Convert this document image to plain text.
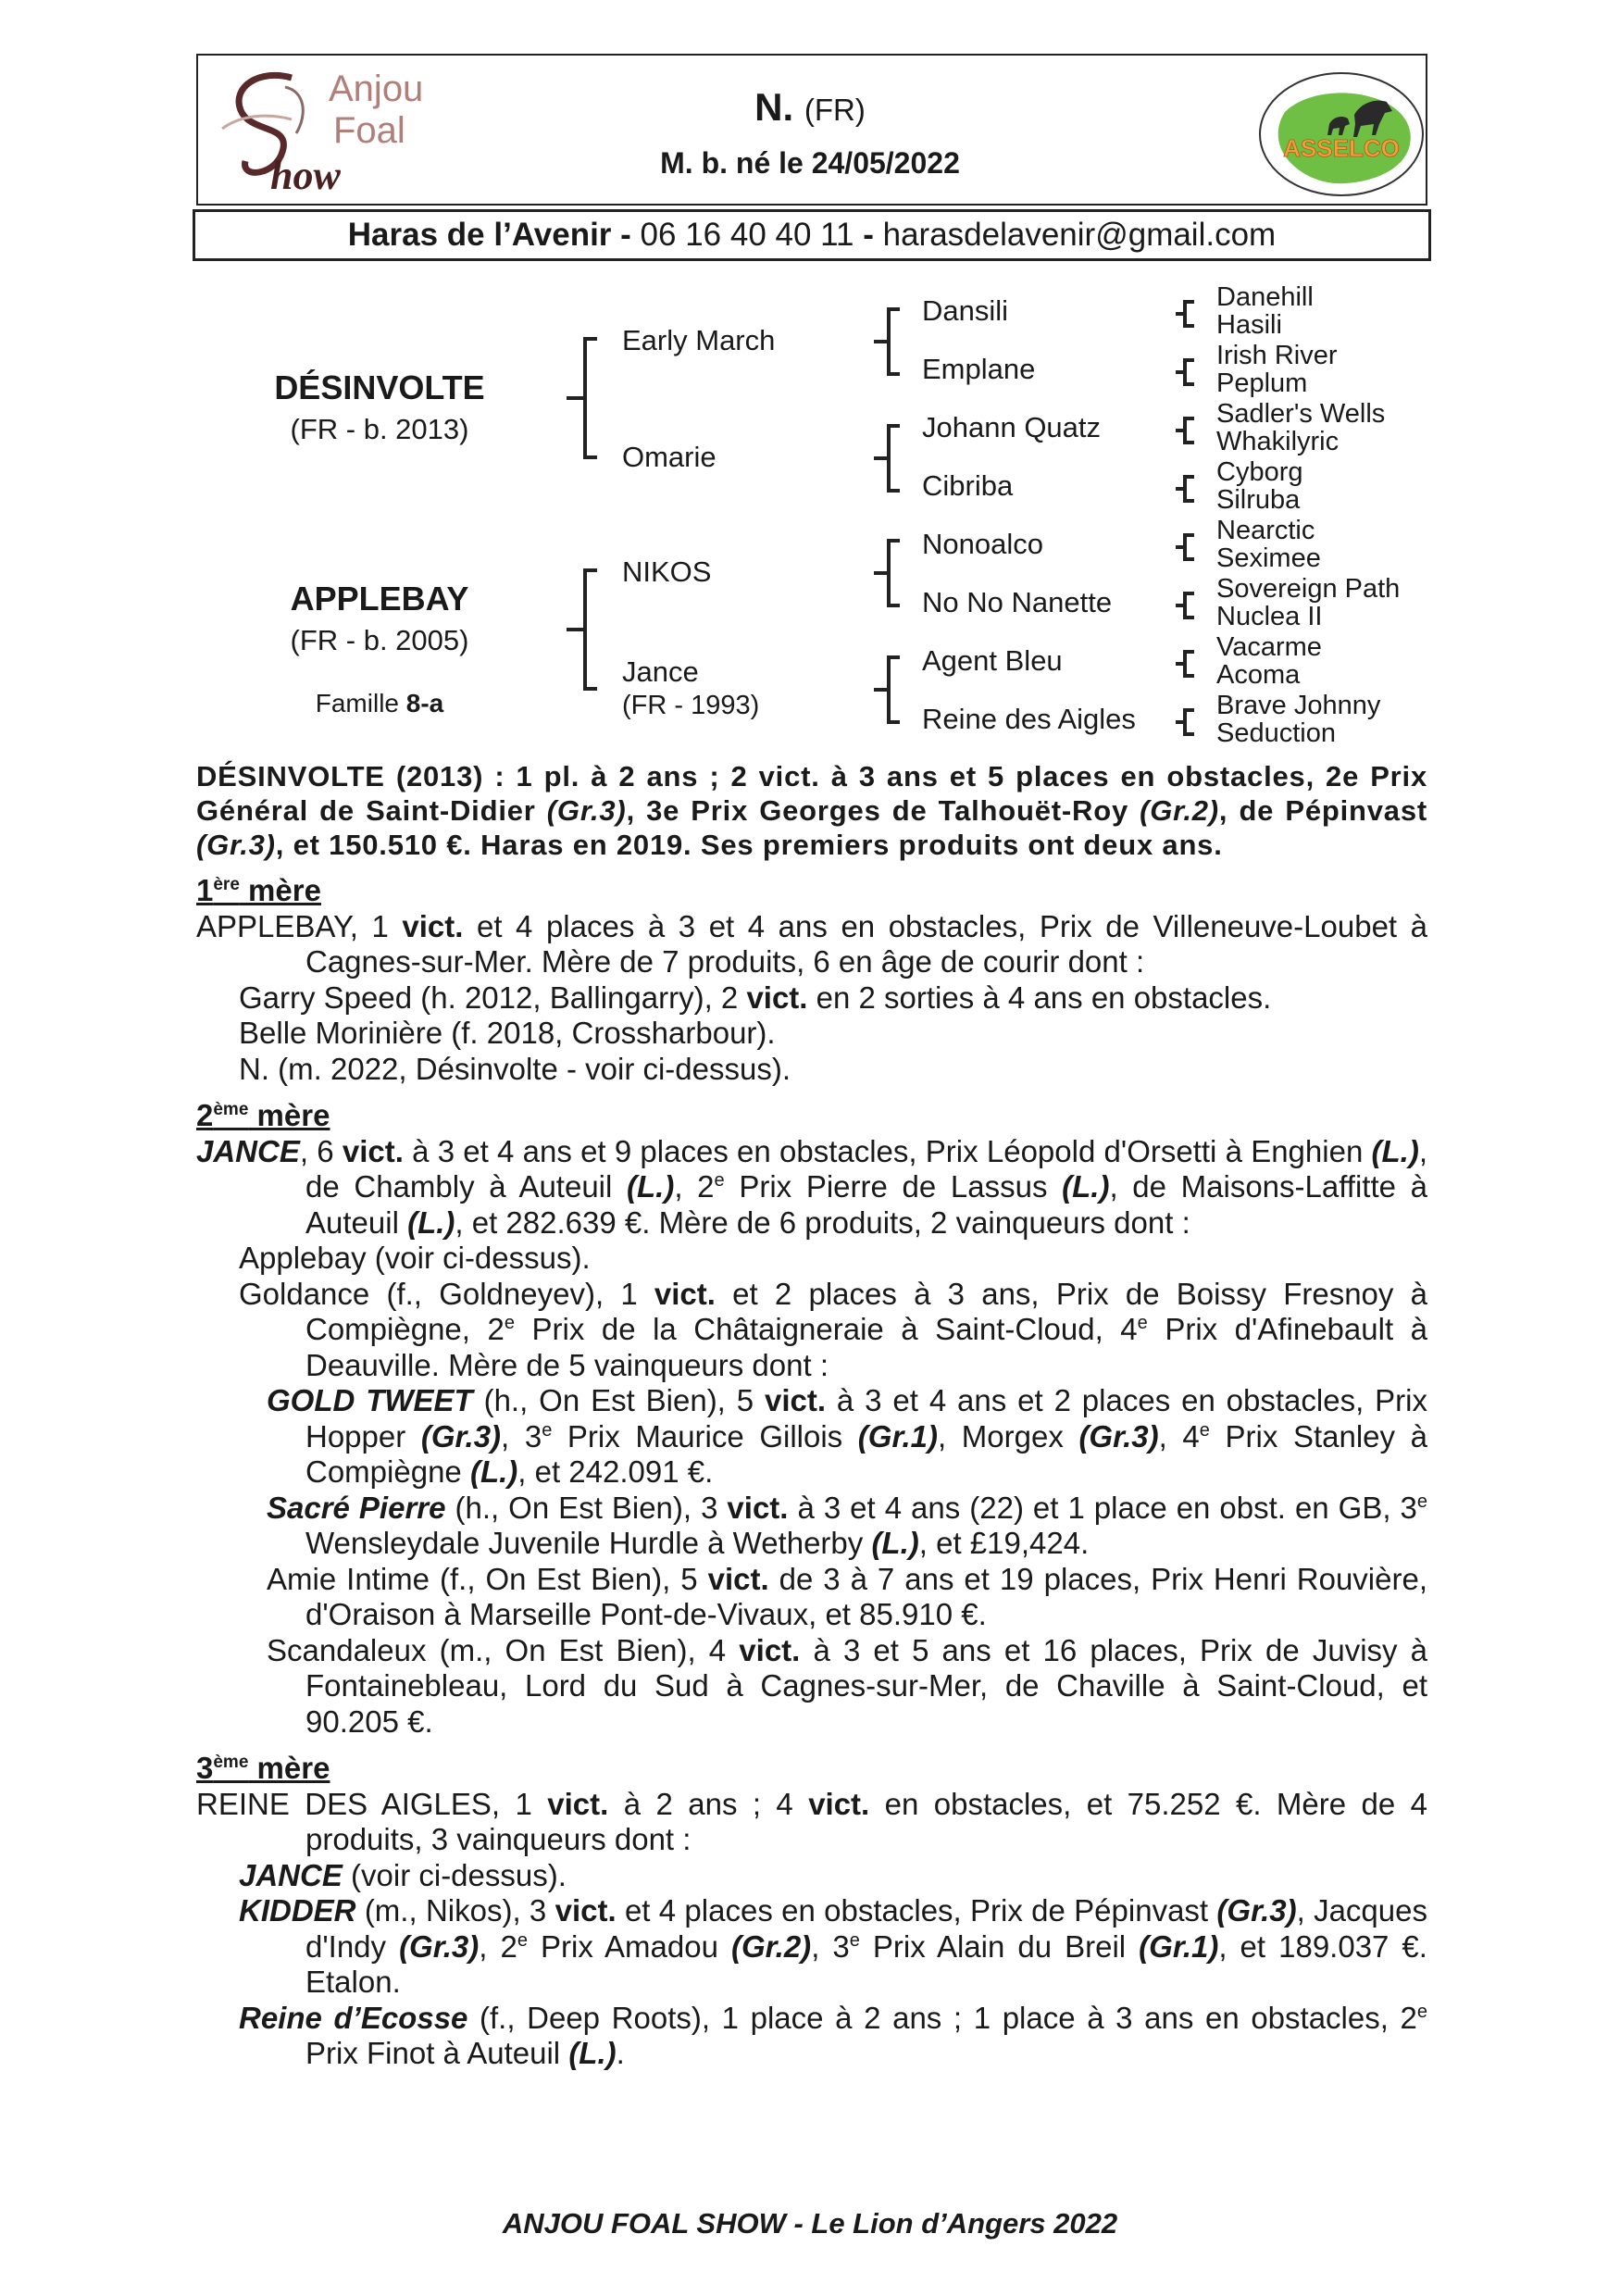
Anjou
Foal
how
N. (FR)
M. b. né le 24/05/2022	ASSELCO
Haras de l’Avenir - 06 16 40 40 11 - harasdelavenir@gmail.com
DÉSINVOLTE
(FR - b. 2013)
APPLEBAY
(FR - b. 2005)
Famille 8-a
Early March
Omarie
NIKOS
Jance
(FR - 1993)
Dansili
Emplane
Johann Quatz
Cibriba
Nonoalco
No No Nanette
Agent Bleu
Reine des Aigles
Danehill
Hasili
Irish River
Peplum
Sadler's Wells
Whakilyric
Cyborg
Silruba
Nearctic
Seximee
Sovereign Path
Nuclea II
Vacarme
Acoma
Brave Johnny
Seduction

DÉSINVOLTE (2013) : 1 pl. à 2 ans ; 2 vict. à 3 ans et 5 places en obstacles, 2e Prix Général de Saint-Didier (Gr.3), 3e Prix Georges de Talhouët-Roy (Gr.2), de Pépinvast (Gr.3), et 150.510 €. Haras en 2019. Ses premiers produits ont deux ans.

1ère mère

APPLEBAY, 1 vict. et 4 places à 3 et 4 ans en obstacles, Prix de Villeneuve-Loubet à Cagnes-sur-Mer. Mère de 7 produits, 6 en âge de courir dont :

Garry Speed (h. 2012, Ballingarry), 2 vict. en 2 sorties à 4 ans en obstacles.

Belle Morinière (f. 2018, Crossharbour).

N. (m. 2022, Désinvolte - voir ci-dessus).

2ème mère

JANCE, 6 vict. à 3 et 4 ans et 9 places en obstacles, Prix Léopold d'Orsetti à Enghien (L.), de Chambly à Auteuil (L.), 2e Prix Pierre de Lassus (L.), de Maisons-Laffitte à Auteuil (L.), et 282.639 €. Mère de 6 produits, 2 vainqueurs dont :

Applebay (voir ci-dessus).

Goldance (f., Goldneyev), 1 vict. et 2 places à 3 ans, Prix de Boissy Fresnoy à Compiègne, 2e Prix de la Châtaigneraie à Saint-Cloud, 4e Prix d'Afinebault à Deauville. Mère de 5 vainqueurs dont :

GOLD TWEET (h., On Est Bien), 5 vict. à 3 et 4 ans et 2 places en obstacles, Prix Hopper (Gr.3), 3e Prix Maurice Gillois (Gr.1), Morgex (Gr.3), 4e Prix Stanley à Compiègne (L.), et 242.091 €.

Sacré Pierre (h., On Est Bien), 3 vict. à 3 et 4 ans (22) et 1 place en obst. en GB, 3e Wensleydale Juvenile Hurdle à Wetherby (L.), et £19,424.

Amie Intime (f., On Est Bien), 5 vict. de 3 à 7 ans et 19 places, Prix Henri Rouvière, d'Oraison à Marseille Pont-de-Vivaux, et 85.910 €.

Scandaleux (m., On Est Bien), 4 vict. à 3 et 5 ans et 16 places, Prix de Juvisy à Fontainebleau, Lord du Sud à Cagnes-sur-Mer, de Chaville à Saint-Cloud, et 90.205 €.

3ème mère

REINE DES AIGLES, 1 vict. à 2 ans ; 4 vict. en obstacles, et 75.252 €. Mère de 4 produits, 3 vainqueurs dont :

JANCE (voir ci-dessus).

KIDDER (m., Nikos), 3 vict. et 4 places en obstacles, Prix de Pépinvast (Gr.3), Jacques d'Indy (Gr.3), 2e Prix Amadou (Gr.2), 3e Prix Alain du Breil (Gr.1), et 189.037 €. Etalon.

Reine d’Ecosse (f., Deep Roots), 1 place à 2 ans ; 1 place à 3 ans en obstacles, 2e Prix Finot à Auteuil (L.).

ANJOU FOAL SHOW - Le Lion d’Angers 2022
